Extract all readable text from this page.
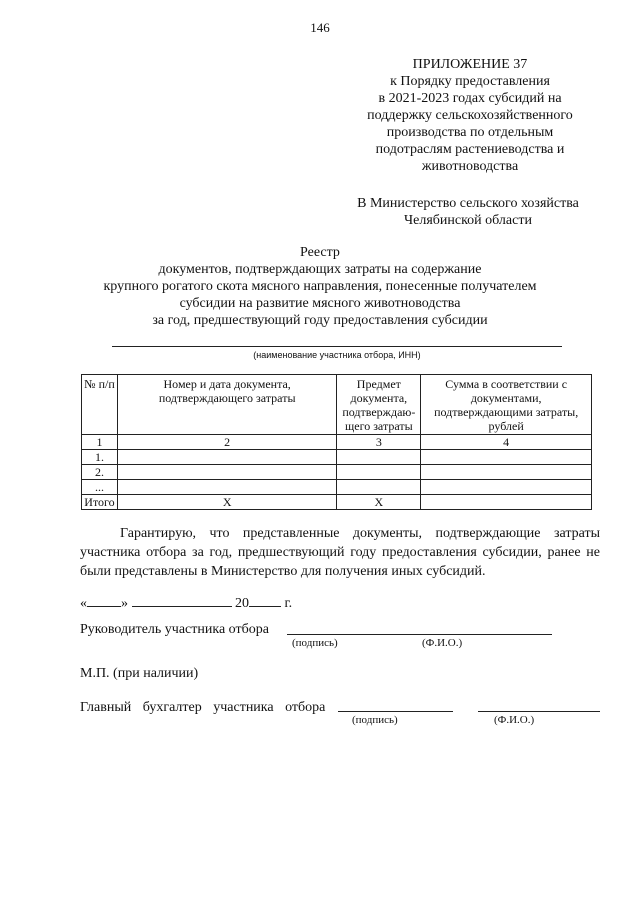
146
ПРИЛОЖЕНИЕ 37
к Порядку предоставления
в 2021-2023 годах субсидий на
поддержку сельскохозяйственного
производства по отдельным
подотраслям растениеводства и
животноводства
В Министерство сельского хозяйства
Челябинской области
Реестр
документов, подтверждающих затраты на содержание
крупного рогатого скота мясного направления, понесенные получателем
субсидии на развитие мясного животноводства
за год, предшествующий году предоставления субсидии
(наименование участника отбора, ИНН)
№ п/п	Номер и дата документа, подтверждающего затраты	Предмет документа, подтверждаю-щего затраты	Сумма в соответствии с документами, подтверждающими затраты, рублей
1	2	3	4
1.			
2.			
...			
Итого	X	X	
Гарантирую, что представленные документы, подтверждающие затраты участника отбора за год, предшествующий году предоставления субсидии, ранее не были представлены в Министерство для получения иных субсидий.
« »	20	г.
Руководитель участника отбора
(подпись)	(Ф.И.О.)
М.П. (при наличии)
Главный бухгалтер участника отбора
(подпись)	(Ф.И.О.)
